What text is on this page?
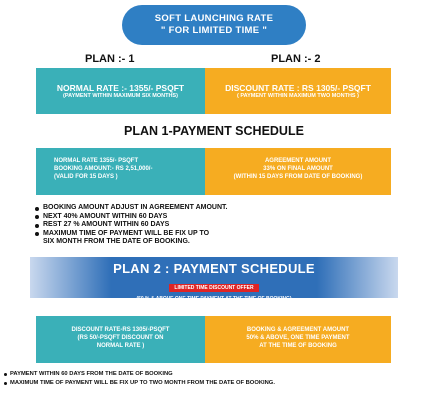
SOFT LAUNCHING RATE
" FOR LIMITED TIME "
PLAN :- 1	PLAN :- 2
NORMAL RATE :- 1355/- PSQFT
(PAYMENT WITHIN MAXIMUM SIX MONTHS)
DISCOUNT RATE : RS 1305/- PSQFT
( PAYMENT WITHIN MAXIMUM TWO MONTHS )
PLAN 1-PAYMENT SCHEDULE
NORMAL RATE 1355/- PSQFT
BOOKING AMOUNT:- RS 2,51,000/-
(VALID FOR 15 DAYS )
AGREEMENT AMOUNT
33% ON FINAL AMOUNT
(WITHIN 15 DAYS FROM DATE OF BOOKING)
BOOKING AMOUNT ADJUST IN AGREEMENT AMOUNT.
NEXT 40% AMOUNT WITHIN 60 DAYS
REST 27 % AMOUNT WITHIN 60 DAYS
MAXIMUM TIME OF PAYMENT WILL BE FIX UP TO
SIX MONTH FROM THE DATE OF BOOKING.
PLAN 2 : PAYMENT SCHEDULE
LIMITED TIME DISCOUNT OFFER
(50 % & ABOVE ONE TIME PAYMENT AT THE TIME OF BOOKING)
DISCOUNT RATE-RS 1305/-PSQFT
(RS 50/-PSQFT DISCOUNT ON
NORMAL RATE )
BOOKING & AGREEMENT AMOUNT
50% & ABOVE, ONE TIME PAYMENT
AT THE TIME OF BOOKING
PAYMENT WITHIN 60 DAYS FROM THE DATE OF BOOKING
MAXIMUM TIME OF PAYMENT WILL BE FIX UP TO TWO MONTH FROM THE DATE OF BOOKING.
